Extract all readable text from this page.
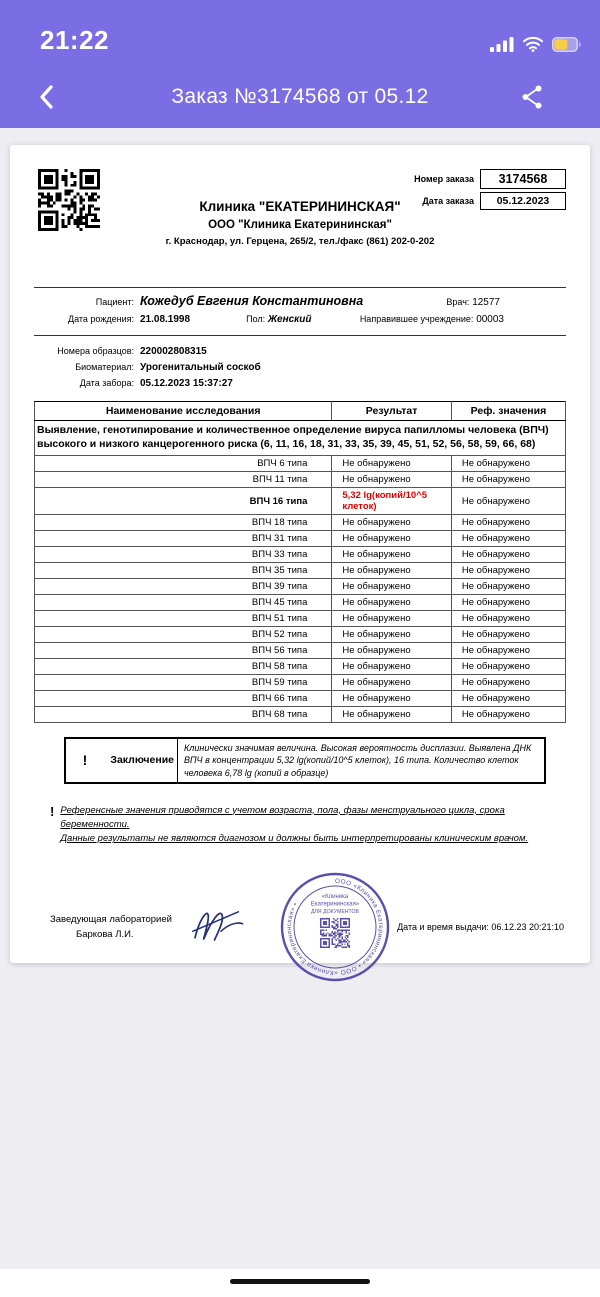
21:22
Заказ №3174568 от 05.12
Номер заказа	3174568
Дата заказа	05.12.2023
Клиника "ЕКАТЕРИНИНСКАЯ"
ООО "Клиника Екатерининская"
г. Краснодар, ул. Герцена, 265/2, тел./факс (861) 202-0-202
Пациент: Кожедуб Евгения Константиновна	Врач: 12577
Дата рождения: 21.08.1998	Пол: Женский	Направившее учреждение: 00003
Номера образцов: 220002808315
Биоматериал: Урогенитальный соскоб
Дата забора: 05.12.2023 15:37:27
Наименование исследования	Результат	Реф. значения
Выявление, генотипирование и количественное определение вируса папилломы человека (ВПЧ) высокого и низкого канцерогенного риска (6, 11, 16, 18, 31, 33, 35, 39, 45, 51, 52, 56, 58, 59, 66, 68)		
ВПЧ 6 типа	Не обнаружено	Не обнаружено
ВПЧ 11 типа	Не обнаружено	Не обнаружено
ВПЧ 16 типа	5,32 lg(копий/10^5 клеток)	Не обнаружено
ВПЧ 18 типа	Не обнаружено	Не обнаружено
ВПЧ 31 типа	Не обнаружено	Не обнаружено
ВПЧ 33 типа	Не обнаружено	Не обнаружено
ВПЧ 35 типа	Не обнаружено	Не обнаружено
ВПЧ 39 типа	Не обнаружено	Не обнаружено
ВПЧ 45 типа	Не обнаружено	Не обнаружено
ВПЧ 51 типа	Не обнаружено	Не обнаружено
ВПЧ 52 типа	Не обнаружено	Не обнаружено
ВПЧ 56 типа	Не обнаружено	Не обнаружено
ВПЧ 58 типа	Не обнаружено	Не обнаружено
ВПЧ 59 типа	Не обнаружено	Не обнаружено
ВПЧ 66 типа	Не обнаружено	Не обнаружено
ВПЧ 68 типа	Не обнаружено	Не обнаружено
!	Заключение
Клинически значимая величина. Высокая вероятность дисплазии. Выявлена ДНК ВПЧ в концентрации 5,32 lg(копий/10^5 клеток), 16 типа. Количество клеток человека 6,78 lg (копий в образце)
! Референсные значения приводятся с учетом возраста, пола, фазы менструального цикла, срока беременности.
Данные результаты не являются диагнозом и должны быть интерпретированы клиническим врачом.
Заведующая лабораторией
Баркова Л.И.
ООО «Клиника Екатерининская» • ООО «Клиника Екатерининская» •
«Клиника
Екатерининская»
ДЛЯ ДОКУМЕНТОВ
Дата и время выдачи: 06.12.23 20:21:10
